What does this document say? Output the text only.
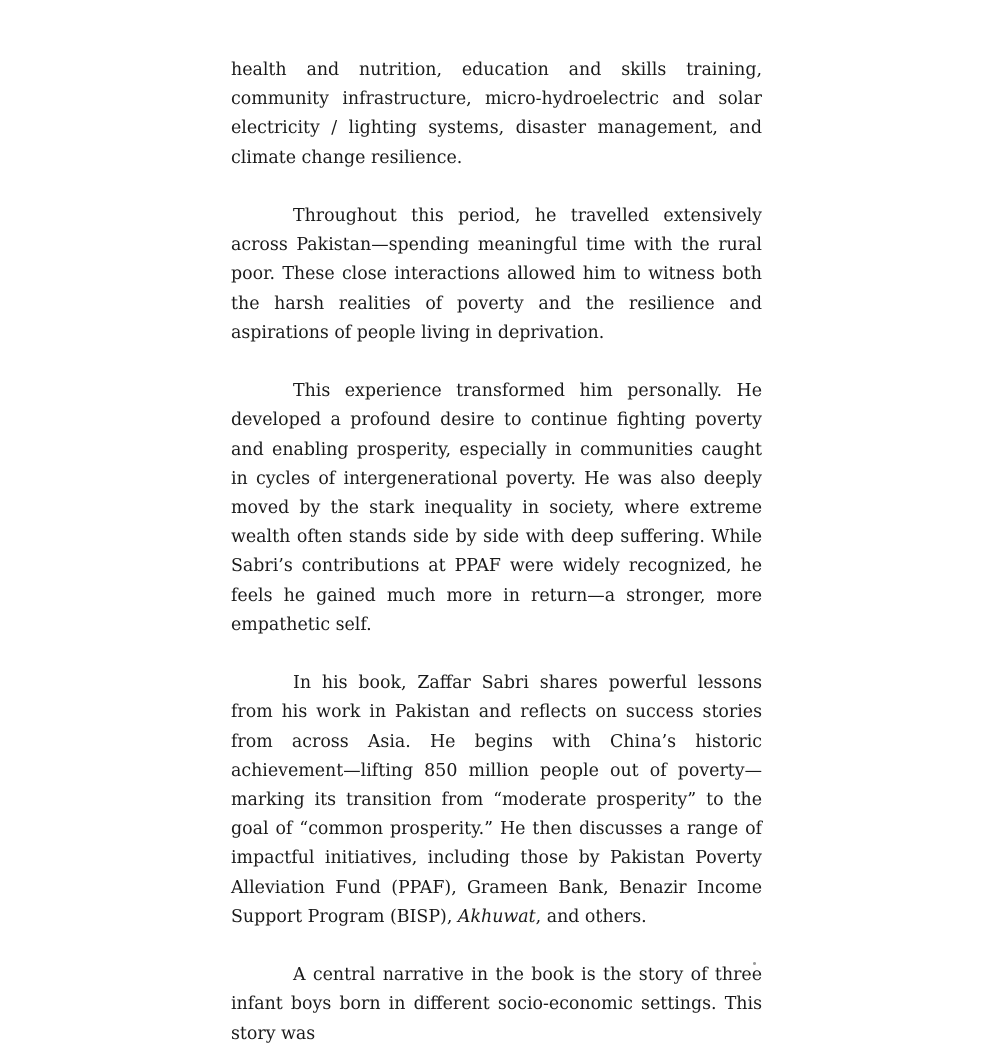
health and nutrition, education and skills training, community infrastructure, micro-hydroelectric and solar electricity / lighting systems, disaster management, and climate change resilience.

Throughout this period, he travelled extensively across Pakistan—spending meaningful time with the rural poor. These close interactions allowed him to witness both the harsh realities of poverty and the resilience and aspirations of people living in deprivation.

This experience transformed him personally. He developed a profound desire to continue fighting poverty and enabling prosperity, especially in communities caught in cycles of intergenerational poverty. He was also deeply moved by the stark inequality in society, where extreme wealth often stands side by side with deep suffering. While Sabri’s contributions at PPAF were widely recognized, he feels he gained much more in return—a stronger, more empathetic self.

In his book, Zaffar Sabri shares powerful lessons from his work in Pakistan and reflects on success stories from across Asia. He begins with China’s historic achievement—lifting 850 million people out of poverty—marking its transition from “moderate prosperity” to the goal of “common prosperity.” He then discusses a range of impactful initiatives, including those by Pakistan Poverty Alleviation Fund (PPAF), Grameen Bank, Benazir Income Support Program (BISP), Akhuwat, and others.

A central narrative in the book is the story of three infant boys born in different socio-economic settings. This story was
